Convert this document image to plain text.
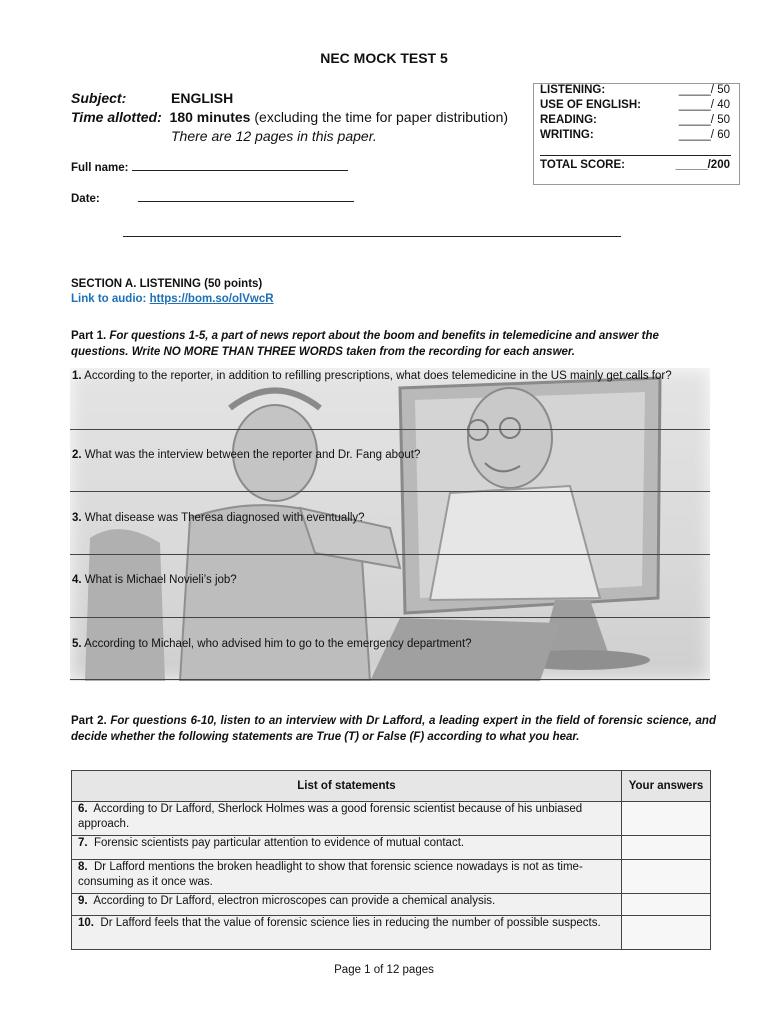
NEC MOCK TEST 5
Subject:	ENGLISH
Time allotted: 180 minutes (excluding the time for paper distribution)
There are 12 pages in this paper.
Full name:
Date:
LISTENING:	_____/ 50
USE OF ENGLISH:	_____/ 40
READING:	_____/ 50
WRITING:	_____/ 60
TOTAL SCORE:	_____/200
SECTION A. LISTENING (50 points)
Link to audio: https://bom.so/olVwcR
Part 1. For questions 1-5, a part of news report about the boom and benefits in telemedicine and answer the questions. Write NO MORE THAN THREE WORDS taken from the recording for each answer.
1. According to the reporter, in addition to refilling prescriptions, what does telemedicine in the US mainly get calls for?
2. What was the interview between the reporter and Dr. Fang about?
3. What disease was Theresa diagnosed with eventually?
4. What is Michael Novieli’s job?
5. According to Michael, who advised him to go to the emergency department?
Part 2. For questions 6-10, listen to an interview with Dr Lafford, a leading expert in the field of forensic science, and decide whether the following statements are True (T) or False (F) according to what you hear.
List of statements	Your answers
6. According to Dr Lafford, Sherlock Holmes was a good forensic scientist because of his unbiased approach.	
7. Forensic scientists pay particular attention to evidence of mutual contact.	
8. Dr Lafford mentions the broken headlight to show that forensic science nowadays is not as time-consuming as it once was.	
9. According to Dr Lafford, electron microscopes can provide a chemical analysis.	
10. Dr Lafford feels that the value of forensic science lies in reducing the number of possible suspects.	
Page 1 of 12 pages
